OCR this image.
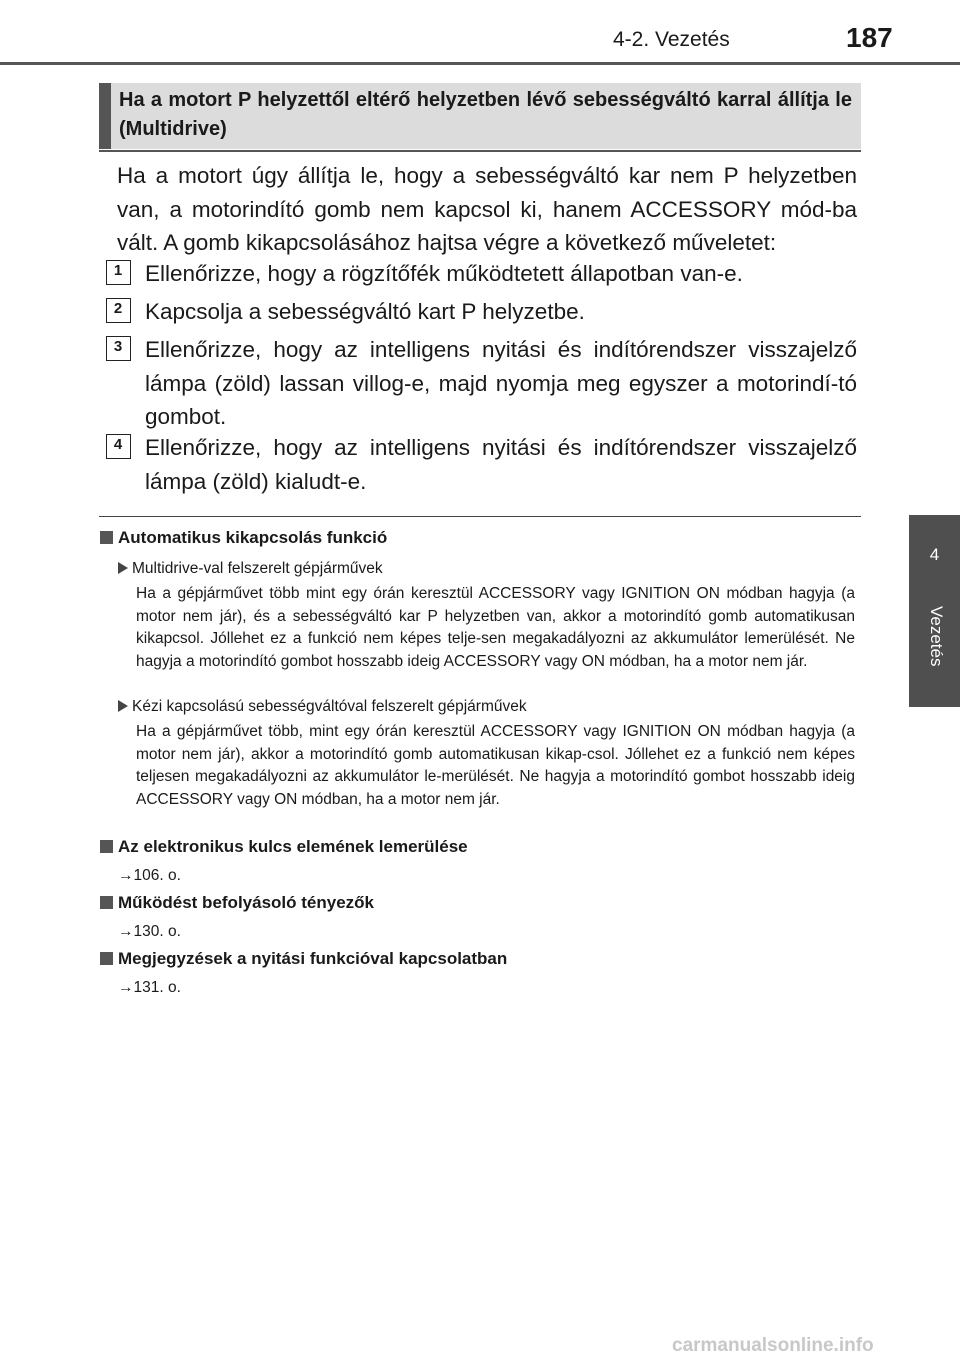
4-2. Vezetés	187
4
Vezetés
Ha a motort P helyzettől eltérő helyzetben lévő sebességváltó karral állítja le (Multidrive)
Ha a motort úgy állítja le, hogy a sebességváltó kar nem P helyzetben van, a motorindító gomb nem kapcsol ki, hanem ACCESSORY mód-ba vált. A gomb kikapcsolásához hajtsa végre a következő műveletet:
1	Ellenőrizze, hogy a rögzítőfék működtetett állapotban van-e.
2	Kapcsolja a sebességváltó kart P helyzetbe.
3	Ellenőrizze, hogy az intelligens nyitási és indítórendszer visszajelző lámpa (zöld) lassan villog-e, majd nyomja meg egyszer a motorindí-tó gombot.
4	Ellenőrizze, hogy az intelligens nyitási és indítórendszer visszajelző lámpa (zöld) kialudt-e.
Automatikus kikapcsolás funkció
Multidrive-val felszerelt gépjárművek
Ha a gépjárművet több mint egy órán keresztül ACCESSORY vagy IGNITION ON módban hagyja (a motor nem jár), és a sebességváltó kar P helyzetben van, akkor a motorindító gomb automatikusan kikapcsol. Jóllehet ez a funkció nem képes telje-sen megakadályozni az akkumulátor lemerülését. Ne hagyja a motorindító gombot hosszabb ideig ACCESSORY vagy ON módban, ha a motor nem jár.
Kézi kapcsolású sebességváltóval felszerelt gépjárművek
Ha a gépjárművet több, mint egy órán keresztül ACCESSORY vagy IGNITION ON módban hagyja (a motor nem jár), akkor a motorindító gomb automatikusan kikap-csol. Jóllehet ez a funkció nem képes teljesen megakadályozni az akkumulátor le-merülését. Ne hagyja a motorindító gombot hosszabb ideig ACCESSORY vagy ON módban, ha a motor nem jár.
Az elektronikus kulcs elemének lemerülése
→106. o.
Működést befolyásoló tényezők
→130. o.
Megjegyzések a nyitási funkcióval kapcsolatban
→131. o.
carmanualsonline.info
